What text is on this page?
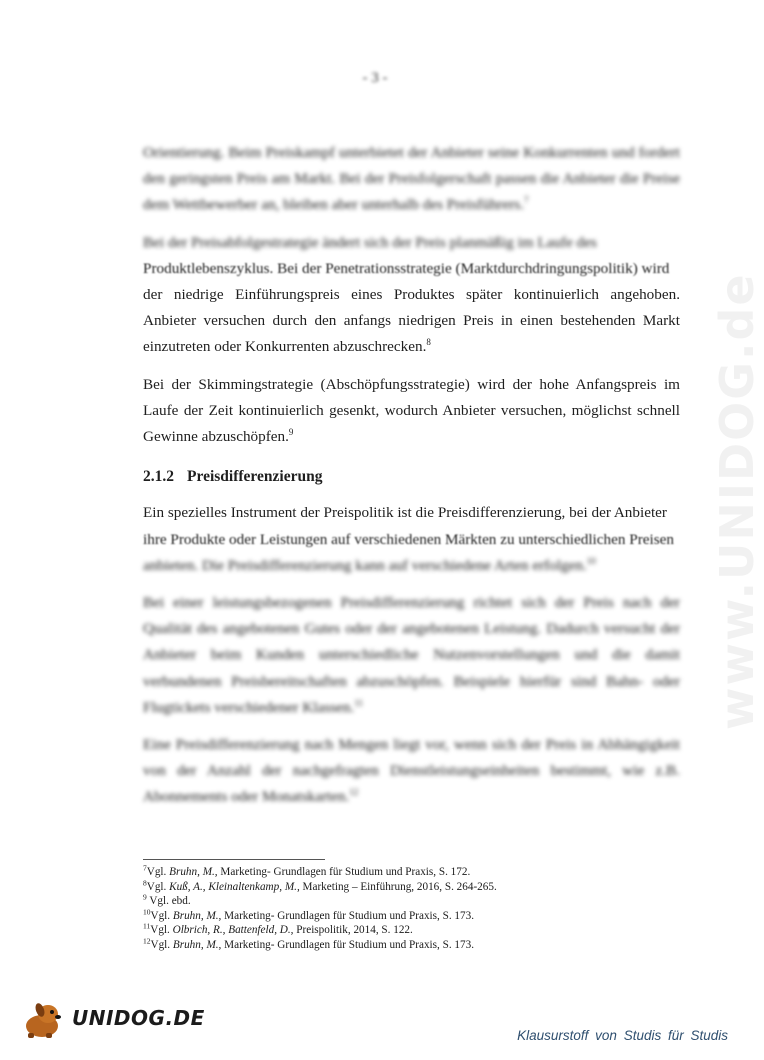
- 3 -

Orientierung. Beim Preiskampf unterbietet der Anbieter seine Konkurrenten und fordert den geringsten Preis am Markt. Bei der Preisfolgerschaft passen die Anbieter die Preise dem Wettbewerber an, bleiben aber unterhalb des Preisführers.$^7$

Bei der Preisabfolgestrategie ändert sich der Preis planmäßig im Laufe des
Produktlebenszyklus. Bei der Penetrationsstrategie (Marktdurchdringungspolitik) wird
der niedrige Einführungspreis eines Produktes später kontinuierlich angehoben. Anbieter versuchen durch den anfangs niedrigen Preis in einen bestehenden Markt einzutreten oder Konkurrenten abzuschrecken.$^8$

Bei der Skimmingstrategie (Abschöpfungsstrategie) wird der hohe Anfangspreis im Laufe der Zeit kontinuierlich gesenkt, wodurch Anbieter versuchen, möglichst schnell Gewinne abzuschöpfen.$^9$

2.1.2 Preisdifferenzierung

Ein spezielles Instrument der Preispolitik ist die Preisdifferenzierung, bei der Anbieter
ihre Produkte oder Leistungen auf verschiedenen Märkten zu unterschiedlichen Preisen
anbieten. Die Preisdifferenzierung kann auf verschiedene Arten erfolgen.$^{10}$

Bei einer leistungsbezogenen Preisdifferenzierung richtet sich der Preis nach der Qualität des angebotenen Gutes oder der angebotenen Leistung. Dadurch versucht der Anbieter beim Kunden unterschiedliche Nutzenvorstellungen und die damit verbundenen Preisbereitschaften abzuschöpfen. Beispiele hierfür sind Bahn- oder Flugtickets verschiedener Klassen.$^{11}$

Eine Preisdifferenzierung nach Mengen liegt vor, wenn sich der Preis in Abhängigkeit von der Anzahl der nachgefragten Dienstleistungseinheiten bestimmt, wie z.B. Abonnements oder Monatskarten.$^{12}$

www.UNIDOG.de
$^7$Vgl. Bruhn, M., Marketing- Grundlagen für Studium und Praxis, S. 172.
$^8$Vgl. Kuß, A., Kleinaltenkamp, M., Marketing – Einführung, 2016, S. 264-265.
$^9$ Vgl. ebd.
$^{10}$Vgl. Bruhn, M., Marketing- Grundlagen für Studium und Praxis, S. 173.
$^{11}$Vgl. Olbrich, R., Battenfeld, D., Preispolitik, 2014, S. 122.
$^{12}$Vgl. Bruhn, M., Marketing- Grundlagen für Studium und Praxis, S. 173.
UNIDOG.DE
Klausurstoff von Studis für Studis
